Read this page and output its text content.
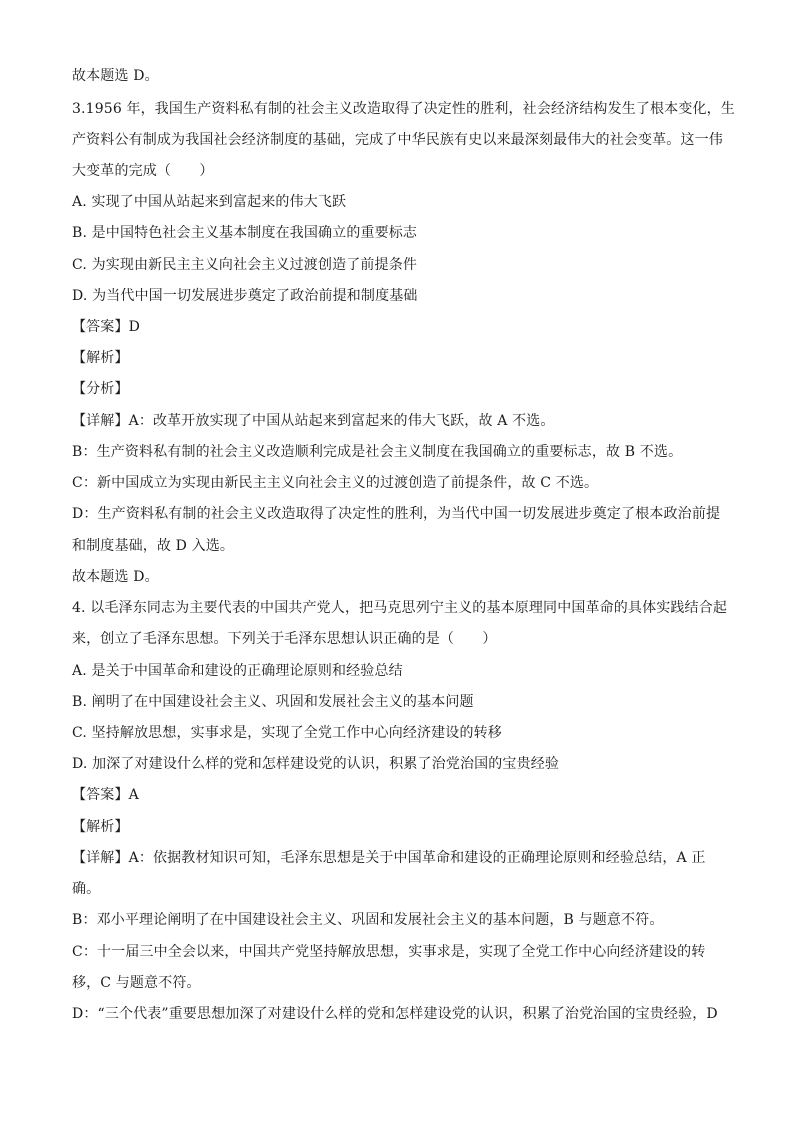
故本题选 D。
3.1956 年，我国生产资料私有制的社会主义改造取得了决定性的胜利，社会经济结构发生了根本变化，生
产资料公有制成为我国社会经济制度的基础，完成了中华民族有史以来最深刻最伟大的社会变革。这一伟
大变革的完成（　　）
A. 实现了中国从站起来到富起来的伟大飞跃
B. 是中国特色社会主义基本制度在我国确立的重要标志
C. 为实现由新民主主义向社会主义过渡创造了前提条件
D. 为当代中国一切发展进步奠定了政治前提和制度基础
【答案】D
【解析】
【分析】
【详解】A：改革开放实现了中国从站起来到富起来的伟大飞跃，故 A 不选。
B：生产资料私有制的社会主义改造顺利完成是社会主义制度在我国确立的重要标志，故 B 不选。
C：新中国成立为实现由新民主主义向社会主义的过渡创造了前提条件，故 C 不选。
D：生产资料私有制的社会主义改造取得了决定性的胜利，为当代中国一切发展进步奠定了根本政治前提
和制度基础，故 D 入选。
故本题选 D。
4. 以毛泽东同志为主要代表的中国共产党人，把马克思列宁主义的基本原理同中国革命的具体实践结合起
来，创立了毛泽东思想。下列关于毛泽东思想认识正确的是（　　）
A. 是关于中国革命和建设的正确理论原则和经验总结
B. 阐明了在中国建设社会主义、巩固和发展社会主义的基本问题
C. 坚持解放思想，实事求是，实现了全党工作中心向经济建设的转移
D. 加深了对建设什么样的党和怎样建设党的认识，积累了治党治国的宝贵经验
【答案】A
【解析】
【详解】A：依据教材知识可知，毛泽东思想是关于中国革命和建设的正确理论原则和经验总结，A 正
确。
B：邓小平理论阐明了在中国建设社会主义、巩固和发展社会主义的基本问题，B 与题意不符。
C：十一届三中全会以来，中国共产党坚持解放思想，实事求是，实现了全党工作中心向经济建设的转
移，C 与题意不符。
D：“三个代表”重要思想加深了对建设什么样的党和怎样建设党的认识，积累了治党治国的宝贵经验，D
